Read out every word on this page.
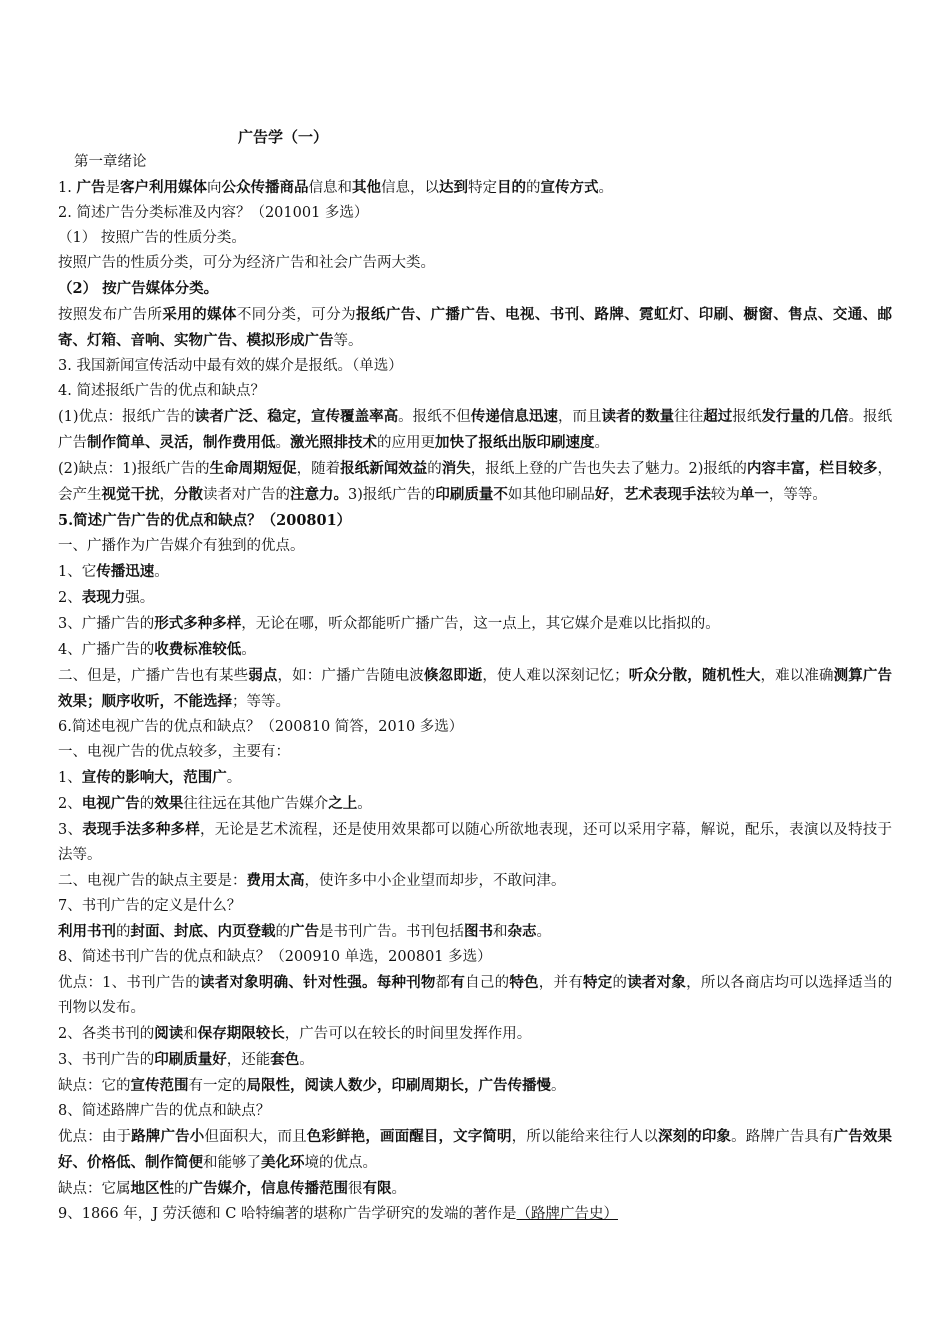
广告学（一）

第一章绪论

1. 广告是客户利用媒体向公众传播商品信息和其他信息，以达到特定目的的宣传方式。

2. 简述广告分类标准及内容？（201001 多选）

（1） 按照广告的性质分类。

按照广告的性质分类，可分为经济广告和社会广告两大类。

（2） 按广告媒体分类。

按照发布广告所采用的媒体不同分类，可分为报纸广告、广播广告、电视、书刊、路牌、霓虹灯、印刷、橱窗、售点、交通、邮寄、灯箱、音响、实物广告、模拟形成广告等。

3. 我国新闻宣传活动中最有效的媒介是报纸。（单选）

4. 简述报纸广告的优点和缺点？

(1)优点：报纸广告的读者广泛、稳定，宣传覆盖率高。报纸不但传递信息迅速，而且读者的数量往往超过报纸发行量的几倍。报纸广告制作简单、灵活，制作费用低。激光照排技术的应用更加快了报纸出版印刷速度。

(2)缺点：1)报纸广告的生命周期短促，随着报纸新闻效益的消失，报纸上登的广告也失去了魅力。2)报纸的内容丰富，栏目较多，会产生视觉干扰，分散读者对广告的注意力。3)报纸广告的印刷质量不如其他印刷品好，艺术表现手法较为单一，等等。

5.简述广告广告的优点和缺点？（200801）

一、广播作为广告媒介有独到的优点。

1、它传播迅速。

2、表现力强。

3、广播广告的形式多种多样，无论在哪，听众都能听广播广告，这一点上，其它媒介是难以比指拟的。

4、广播广告的收费标准较低。

二、但是，广播广告也有某些弱点，如：广播广告随电波倏忽即逝，使人难以深刻记忆；听众分散，随机性大，难以准确测算广告效果；顺序收听，不能选择；等等。

6.简述电视广告的优点和缺点？（200810 简答，2010 多选）

一、电视广告的优点较多，主要有：

1、宣传的影响大，范围广。

2、电视广告的效果往往远在其他广告媒介之上。

3、表现手法多种多样，无论是艺术流程，还是使用效果都可以随心所欲地表现，还可以采用字幕，解说，配乐，表演以及特技于法等。

二、电视广告的缺点主要是：费用太高，使许多中小企业望而却步，不敢问津。

7、书刊广告的定义是什么？

利用书刊的封面、封底、内页登载的广告是书刊广告。书刊包括图书和杂志。

8、简述书刊广告的优点和缺点？（200910 单选，200801 多选）

优点：1、书刊广告的读者对象明确、针对性强。每种刊物都有自己的特色，并有特定的读者对象，所以各商店均可以选择适当的刊物以发布。

2、各类书刊的阅读和保存期限较长，广告可以在较长的时间里发挥作用。

3、书刊广告的印刷质量好，还能套色。

缺点：它的宣传范围有一定的局限性，阅读人数少，印刷周期长，广告传播慢。

8、简述路牌广告的优点和缺点？

优点：由于路牌广告小但面积大，而且色彩鲜艳，画面醒目，文字简明，所以能给来往行人以深刻的印象。路牌广告具有广告效果好、价格低、制作简便和能够了美化环境的优点。

缺点：它属地区性的广告媒介，信息传播范围很有限。

9、1866 年，J 劳沃德和 C 哈特编著的堪称广告学研究的发端的著作是（路牌广告史）
